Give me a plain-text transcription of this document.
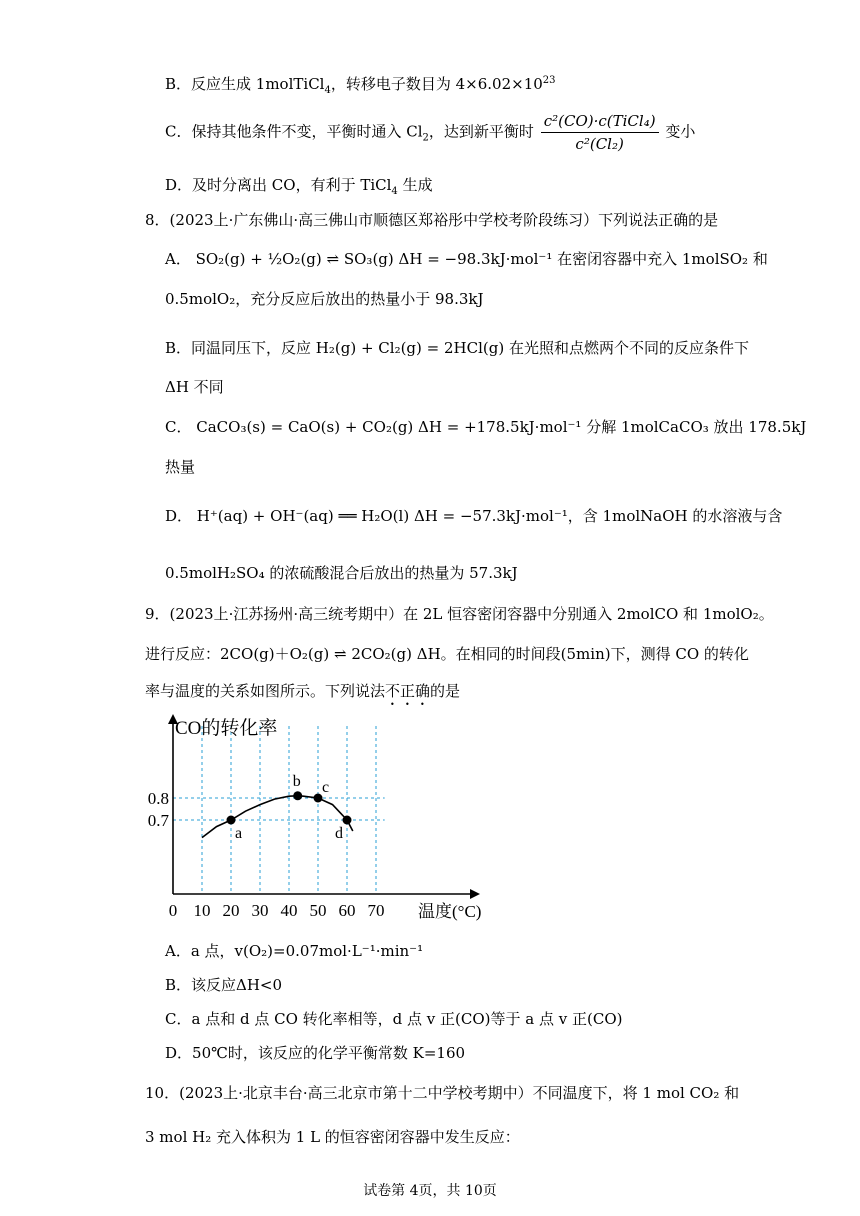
B．反应生成 1molTiCl$_4$，转移电子数目为 $4\times 6.02\times 10^{23}$
C．保持其他条件不变，平衡时通入 $Cl_2$，达到新平衡时 $\frac{\text{c²(CO)·c(TiCl₄)}}{\text{c²(Cl₂)}}$ 变小
D．及时分离出 CO，有利于 TiCl$_4$ 生成
8．(2023上·广东佛山·高三佛山市顺德区郑裕彤中学校考阶段练习）下列说法正确的是
A． SO₂(g) + ½O₂(g) ⇌ SO₃(g) ΔH = −98.3kJ·mol⁻¹ 在密闭容器中充入 1molSO₂ 和
0.5molO₂，充分反应后放出的热量小于 98.3kJ
B．同温同压下，反应 H₂(g) + Cl₂(g) = 2HCl(g) 在光照和点燃两个不同的反应条件下
ΔH 不同
C． CaCO₃(s) = CaO(s) + CO₂(g) ΔH = +178.5kJ·mol⁻¹ 分解 1molCaCO₃ 放出 178.5kJ
热量
D． H⁺(aq) + OH⁻(aq) ══ H₂O(l) ΔH = −57.3kJ·mol⁻¹，含 1molNaOH 的水溶液与含
0.5molH₂SO₄ 的浓硫酸混合后放出的热量为 57.3kJ
9．(2023上·江苏扬州·高三统考期中）在 2L 恒容密闭容器中分别通入 2molCO 和 1molO₂。
进行反应：2CO(g)＋O₂(g) ⇌ 2CO₂(g) ΔH。在相同的时间段(5min)下，测得 CO 的转化
率与温度的关系如图所示。下列说法不正确的是
0 10 20 30 40 50 60 70
0.8
0.7
a
b c
d
CO的转化率
温度(°C)
A．a 点，v(O₂)=0.07mol·L⁻¹·min⁻¹
B．该反应ΔH<0
C．a 点和 d 点 CO 转化率相等，d 点 v 正(CO)等于 a 点 v 正(CO)
D．50℃时，该反应的化学平衡常数 K=160
10．(2023上·北京丰台·高三北京市第十二中学校考期中）不同温度下，将 1 mol CO₂ 和
3 mol H₂ 充入体积为 1 L 的恒容密闭容器中发生反应：
试卷第 4页，共 10页
